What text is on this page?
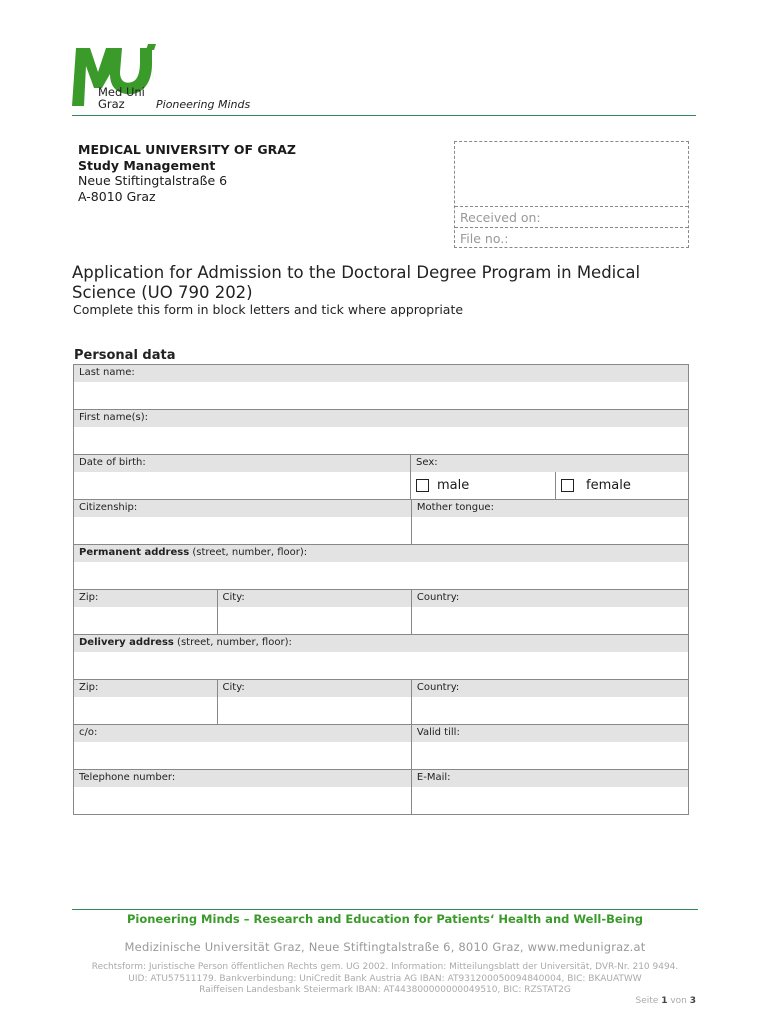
Med Uni
Graz	Pioneering Minds
MEDICAL UNIVERSITY OF GRAZ
Study Management
Neue Stiftingtalstraße 6
A-8010 Graz
Received on:
File no.:
Application for Admission to the Doctoral Degree Program in Medical Science (UO 790 202)
Complete this form in block letters and tick where appropriate
Personal data
Last name:
First name(s):
Date of birth:	Sex:
male	female
Citizenship:	Mother tongue:
Permanent address (street, number, floor):
Zip:	City:	Country:
Delivery address (street, number, floor):
Zip:	City:	Country:
c/o:	Valid till:
Telephone number:	E-Mail:
Pioneering Minds – Research and Education for Patients‘ Health and Well-Being
Medizinische Universität Graz, Neue Stiftingtalstraße 6, 8010 Graz, www.medunigraz.at
Rechtsform: Juristische Person öffentlichen Rechts gem. UG 2002. Information: Mitteilungsblatt der Universität, DVR-Nr. 210 9494.
UID: ATU57511179. Bankverbindung: UniCredit Bank Austria AG IBAN: AT931200050094840004, BIC: BKAUATWW
Raiffeisen Landesbank Steiermark IBAN: AT443800000000049510, BIC: RZSTAT2G
Seite 1 von 3
